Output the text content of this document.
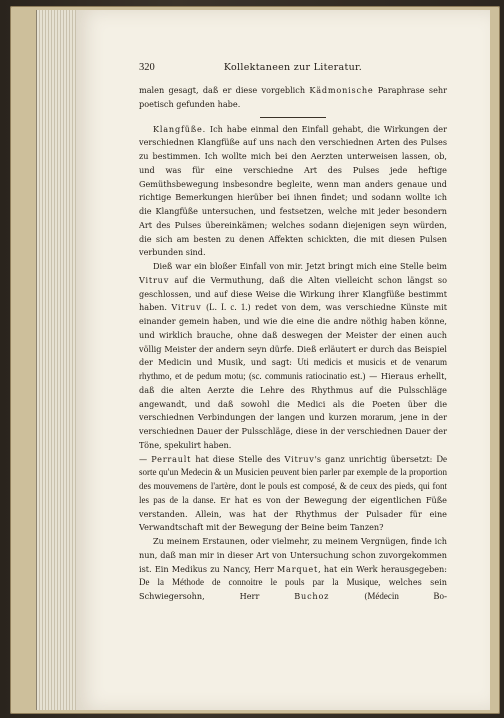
320	Kollektaneen zur Literatur.

malen gesagt, daß er diese vorgeblich Kädmonische Paraphrase sehr poetisch gefunden habe.

Klangfüße. Ich habe einmal den Einfall gehabt, die Wirkungen der verschiednen Klangfüße auf uns nach den verschiednen Arten des Pulses zu bestimmen. Ich wollte mich bei den Aerzten unterweisen lassen, ob, und was für eine verschiedne Art des Pulses jede heftige Gemüthsbewegung insbesondre begleite, wenn man anders genaue und richtige Bemerkungen hierüber bei ihnen findet; und sodann wollte ich die Klangfüße untersuchen, und festsetzen, welche mit jeder besondern Art des Pulses übereinkämen; welches sodann diejenigen seyn würden, die sich am besten zu denen Affekten schickten, die mit diesen Pulsen verbunden sind.

Dieß war ein bloßer Einfall von mir. Jetzt bringt mich eine Stelle beim Vitruv auf die Vermuthung, daß die Alten vielleicht schon längst so geschlossen, und auf diese Weise die Wirkung ihrer Klangfüße bestimmt haben. Vitruv (L. I. c. 1.) redet von dem, was verschiedne Künste mit einander gemein haben, und wie die eine die andre nöthig haben könne, und wirklich brauche, ohne daß deswegen der Meister der einen auch völlig Meister der andern seyn dürfe. Dieß erläutert er durch das Beispiel der Medicin und Musik, und sagt: Uti medicis et musicis et de venarum rhythmo, et de pedum motu; (sc. communis ratiocinatio est.) — Hieraus erhellt, daß die alten Aerzte die Lehre des Rhythmus auf die Pulsschläge angewandt, und daß sowohl die Medici als die Poeten über die verschiednen Verbindungen der langen und kurzen morarum, jene in der verschiednen Dauer der Pulsschläge, diese in der verschiednen Dauer der Töne, spekulirt haben.

— Perrault hat diese Stelle des Vitruv's ganz unrichtig übersetzt: De sorte qu'un Medecin & un Musicien peuvent bien parler par exemple de la proportion des mouvemens de l'artère, dont le pouls est composé, & de ceux des pieds, qui font les pas de la danse. Er hat es von der Bewegung der eigentlichen Füße verstanden. Allein, was hat der Rhythmus der Pulsader für eine Verwandtschaft mit der Bewegung der Beine beim Tanzen?

Zu meinem Erstaunen, oder vielmehr, zu meinem Vergnügen, finde ich nun, daß man mir in dieser Art von Untersuchung schon zuvorgekommen ist. Ein Medikus zu Nancy, Herr Marquet, hat ein Werk herausgegeben: De la Méthode de connoitre le pouls par la Musique, welches sein Schwiegersohn, Herr Buchoz (Médecin Bo-
